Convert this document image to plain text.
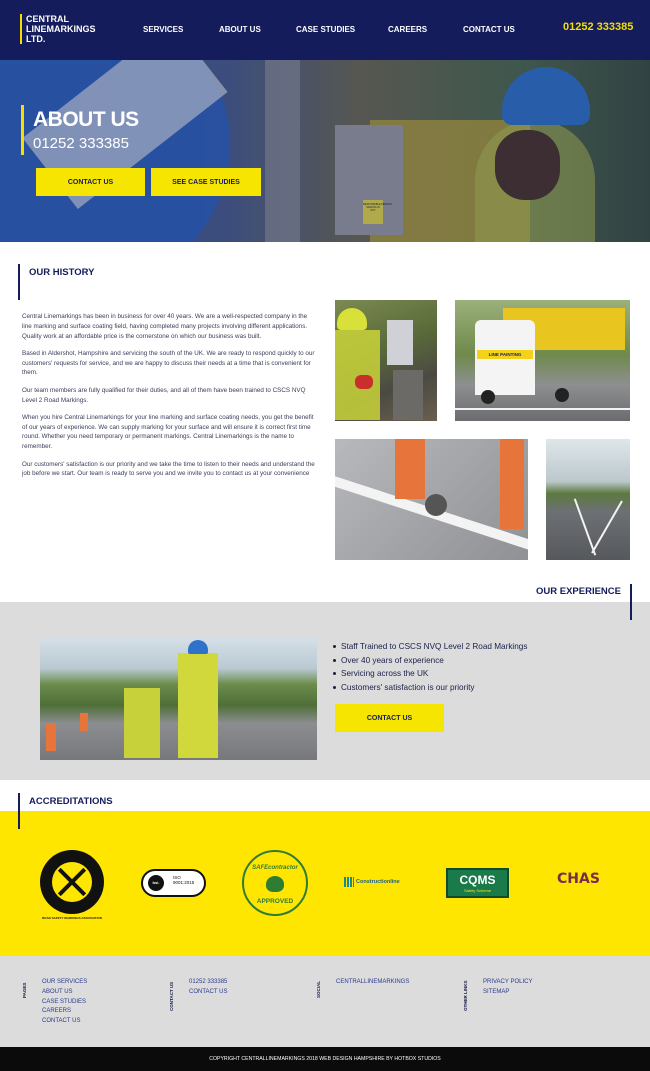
CENTRAL
LINEMARKINGS
LTD.
SERVICES	ABOUT US	CASE STUDIES	CAREERS	CONTACT US	01252 333385
RESPONSIBLE PERSON
SIGNING IN
OUT
ABOUT US
01252 333385
CONTACT US	SEE CASE STUDIES
OUR HISTORY

Central Linemarkings has been in business for over 40 years. We are a well-respected company in the line marking and surface coating field, having completed many projects involving different applications. Quality work at an affordable price is the cornerstone on which our business was built.

Based in Aldershot, Hampshire and servicing the south of the UK. We are ready to respond quickly to our customers' requests for service, and we are happy to discuss their needs at a time that is convenient for them.

Our team members are fully qualified for their duties, and all of them have been trained to CSCS NVQ Level 2 Road Markings.

When you hire Central Linemarkings for your line marking and surface coating needs, you get the benefit of our years of experience. We can supply marking for your surface and will ensure it is correct first time round. Whether you need temporary or permanent markings. Central Linemarkings is the name to remember.

Our customers' satisfaction is our priority and we take the time to listen to their needs and understand the job before we start. Our team is ready to serve you and we invite you to contact us at your convenience

LINE PAINTING
OUR EXPERIENCE
Staff Trained to CSCS NVQ Level 2 Road Markings
Over 40 years of experience
Servicing across the UK
Customers' satisfaction is our priority
CONTACT US
ACCREDITATIONS
ROAD SAFETY MARKINGS ASSOCIATION
bsi.
ISO
9001:2015
SAFEcontractor
APPROVED
Constructionline	CQMS
Safety Scheme
CHAS
PAGES
OUR SERVICES
ABOUT US
CASE STUDIES
CAREERS
CONTACT US
CONTACT US	01252 333385
CONTACT US	SOCIAL	CENTRALLINEMARKINGS	OTHER LINKS	PRIVACY POLICY
SITEMAP
COPYRIGHT CENTRALLINEMARKINGS 2018 WEB DESIGN HAMPSHIRE BY HOTBOX STUDIOS
